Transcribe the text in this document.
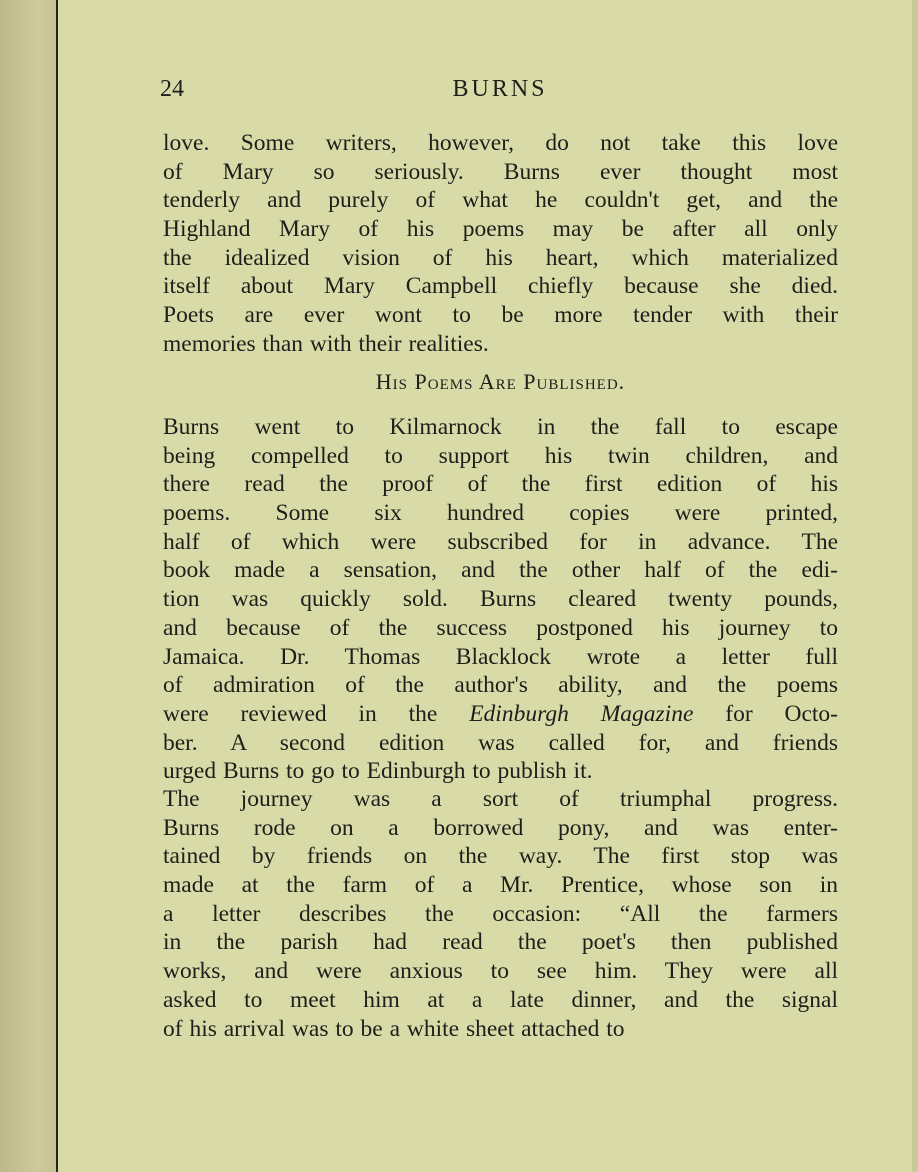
24	BURNS
love. Some writers, however, do not take this love
of Mary so seriously. Burns ever thought most
tenderly and purely of what he couldn't get, and the
Highland Mary of his poems may be after all only
the idealized vision of his heart, which materialized
itself about Mary Campbell chiefly because she died.
Poets are ever wont to be more tender with their
memories than with their realities.
His Poems Are Published.
Burns went to Kilmarnock in the fall to escape
being compelled to support his twin children, and
there read the proof of the first edition of his
poems. Some six hundred copies were printed,
half of which were subscribed for in advance. The
book made a sensation, and the other half of the edi-
tion was quickly sold. Burns cleared twenty pounds,
and because of the success postponed his journey to
Jamaica. Dr. Thomas Blacklock wrote a letter full
of admiration of the author's ability, and the poems
were reviewed in the Edinburgh Magazine for Octo-
ber. A second edition was called for, and friends
urged Burns to go to Edinburgh to publish it.
The journey was a sort of triumphal progress.
Burns rode on a borrowed pony, and was enter-
tained by friends on the way. The first stop was
made at the farm of a Mr. Prentice, whose son in
a letter describes the occasion: “All the farmers
in the parish had read the poet's then published
works, and were anxious to see him. They were all
asked to meet him at a late dinner, and the signal
of his arrival was to be a white sheet attached to
